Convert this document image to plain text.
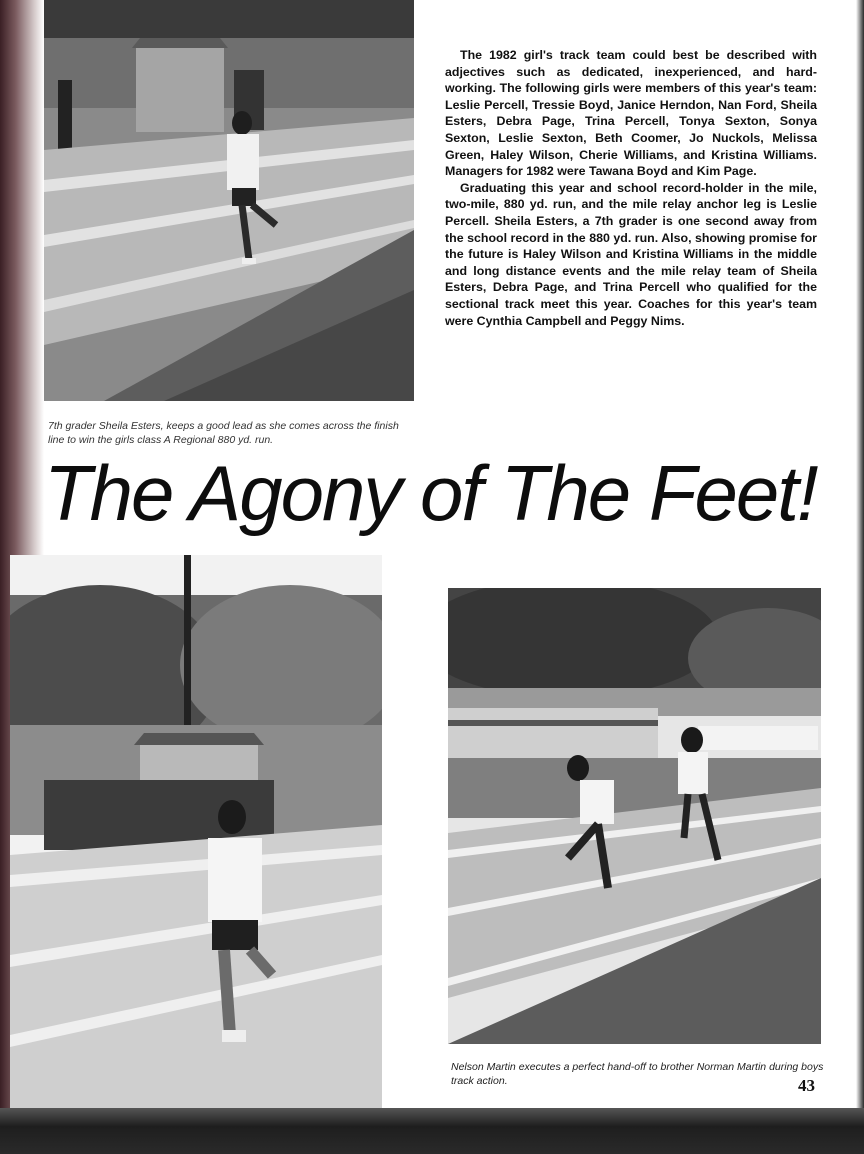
The 1982 girl's track team could best be described with adjectives such as dedicated, inexperienced, and hard-working. The following girls were members of this year's team: Leslie Percell, Tressie Boyd, Janice Herndon, Nan Ford, Sheila Esters, Debra Page, Trina Percell, Tonya Sexton, Sonya Sexton, Leslie Sexton, Beth Coomer, Jo Nuckols, Melissa Green, Haley Wilson, Cherie Williams, and Kristina Williams. Managers for 1982 were Tawana Boyd and Kim Page.

Graduating this year and school record-holder in the mile, two-mile, 880 yd. run, and the mile relay anchor leg is Leslie Percell. Sheila Esters, a 7th grader is one second away from the school record in the 880 yd. run. Also, showing promise for the future is Haley Wilson and Kristina Williams in the middle and long distance events and the mile relay team of Sheila Esters, Debra Page, and Trina Percell who qualified for the sectional track meet this year. Coaches for this year's team were Cynthia Campbell and Peggy Nims.

7th grader Sheila Esters, keeps a good lead as she comes across the finish line to win the girls class A Regional 880 yd. run.
The Agony of The Feet!
Nelson Martin executes a perfect hand-off to brother Norman Martin during boys track action.	43
